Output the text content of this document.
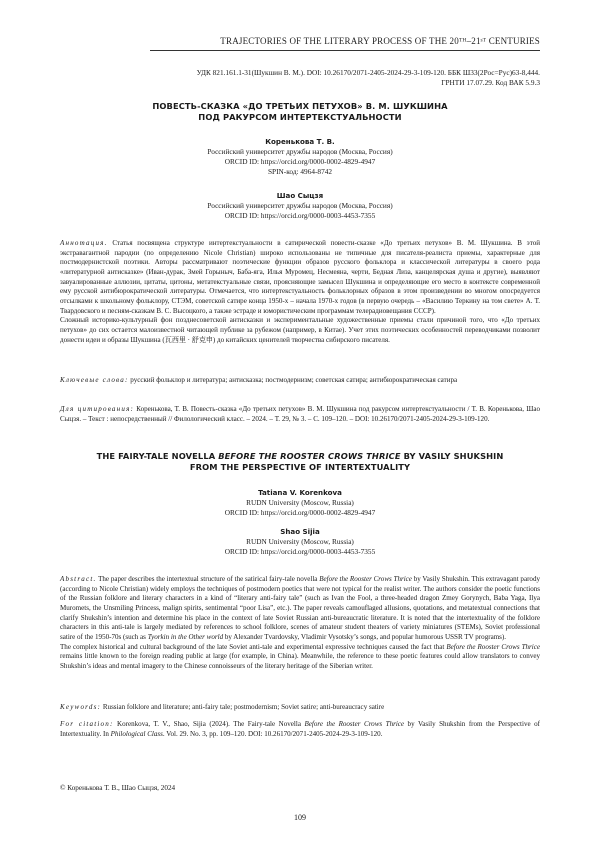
TRAJECTORIES OF THE LITERARY PROCESS OF THE 20ᵀᴴ–21ˢᵀ CENTURIES
УДК 821.161.1-31(Шукшин В. М.). DOI: 10.26170/2071-2405-2024-29-3-109-120. ББК Ш33(2Рос=Рус)63-8,444.
ГРНТИ 17.07.29. Код ВАК 5.9.3
ПОВЕСТЬ-СКАЗКА «ДО ТРЕТЬИХ ПЕТУХОВ» В. М. ШУКШИНА
ПОД РАКУРСОМ ИНТЕРТЕКСТУАЛЬНОСТИ
Коренькова Т. В.
Российский университет дружбы народов (Москва, Россия)
ORCID ID: https://orcid.org/0000-0002-4829-4947
SPIN-код: 4964-8742
Шао Сыцзя
Российский университет дружбы народов (Москва, Россия)
ORCID ID: https://orcid.org/0000-0003-4453-7355

Аннотация. Статья посвящена структуре интертекстуальности в сатирической повести-сказке «До третьих петухов» В. М. Шукшина. В этой экстравагантной пародии (по определению Nicole Christian) широко использованы не типичные для писателя-реалиста приемы, характерные для постмодернистской поэтики. Авторы рассматривают поэтические функции образов русского фольклора и классической литературы в своего рода «литературной антисказке» (Иван-дурак, Змей Горыныч, Баба-яга, Илья Муромец, Несмеяна, черти, Бедная Лиза, канцелярская душа и другие), выявляют завуалированные аллюзии, цитаты, цитоны, метатекстуальные связи, проясняющие замысел Шукшина и определяющие его место в контексте современной ему русской антибюрократической литературы. Отмечается, что интертекстуальность фольклорных образов в этом произведении во многом опосредуется отсылками к школьному фольклору, СТЭМ, советской сатире конца 1950-х – начала 1970-х годов (в первую очередь – «Василию Теркину на том свете» А. Т. Твардовского и песням-сказкам В. С. Высоцкого, а также эстраде и юмористическим программам телерадиовещания СССР).

Сложный историко-культурный фон позднесоветской антисказки и экспериментальные художественные приемы стали причиной того, что «До третьих петухов» до сих остается малоизвестной читающей публике за рубежом (например, в Китае). Учет этих поэтических особенностей переводчиками позволит донести идеи и образы Шукшина (瓦西里 · 舒克申) до китайских ценителей творчества сибирского писателя.

Ключевые слова: русский фольклор и литература; антисказка; постмодернизм; советская сатира; антибюрократическая сатира

Для цитирования: Коренькова, Т. В. Повесть-сказка «До третьих петухов» В. М. Шукшина под ракурсом интертекстуальности / Т. В. Коренькова, Шао Сыцзя. – Текст : непосредственный // Филологический класс. – 2024. – Т. 29, № 3. – С. 109–120. – DOI: 10.26170/2071-2405-2024-29-3-109-120.

THE FAIRY-TALE NOVELLA BEFORE THE ROOSTER CROWS THRICE BY VASILY SHUKSHIN
FROM THE PERSPECTIVE OF INTERTEXTUALITY
Tatiana V. Korenkova
RUDN University (Moscow, Russia)
ORCID ID: https://orcid.org/0000-0002-4829-4947
Shao Sijia
RUDN University (Moscow, Russia)
ORCID ID: https://orcid.org/0000-0003-4453-7355

Abstract. The paper describes the intertextual structure of the satirical fairy-tale novella Before the Rooster Crows Thrice by Vasily Shukshin. This extravagant parody (according to Nicole Christian) widely employs the techniques of postmodern poetics that were not typical for the realist writer. The authors consider the poetic functions of the Russian folklore and literary characters in a kind of “literary anti-fairy tale” (such as Ivan the Fool, a three-headed dragon Zmey Gorynych, Baba Yaga, Ilya Muromets, the Unsmiling Princess, malign spirits, sentimental “poor Lisa”, etc.). The paper reveals camouflaged allusions, quotations, and metatextual connections that clarify Shukshin’s intention and determine his place in the context of late Soviet Russian anti-bureaucratic literature. It is noted that the intertextuality of the folklore characters in this anti-tale is largely mediated by references to school folklore, scenes of amateur student theaters of variety miniatures (STEMs), Soviet professional satire of the 1950-70s (such as Tyorkin in the Other world by Alexander Tvardovsky, Vladimir Vysotsky’s songs, and popular humorous USSR TV programs).

The complex historical and cultural background of the late Soviet anti-tale and experimental expressive techniques caused the fact that Before the Rooster Crows Thrice remains little known to the foreign reading public at large (for example, in China). Meanwhile, the reference to these poetic features could allow translators to convey Shukshin’s ideas and mental imagery to the Chinese connoisseurs of the literary heritage of the Siberian writer.

Keywords: Russian folklore and literature; anti-fairy tale; postmodernism; Soviet satire; anti-bureaucracy satire

For citation: Korenkova, T. V., Shao, Sijia (2024). The Fairy-tale Novella Before the Rooster Crows Thrice by Vasily Shukshin from the Perspective of Intertextuality. In Philological Class. Vol. 29. No. 3, pp. 109–120. DOI: 10.26170/2071-2405-2024-29-3-109-120.

© Коренькова Т. В., Шао Сыцзя, 2024
109
